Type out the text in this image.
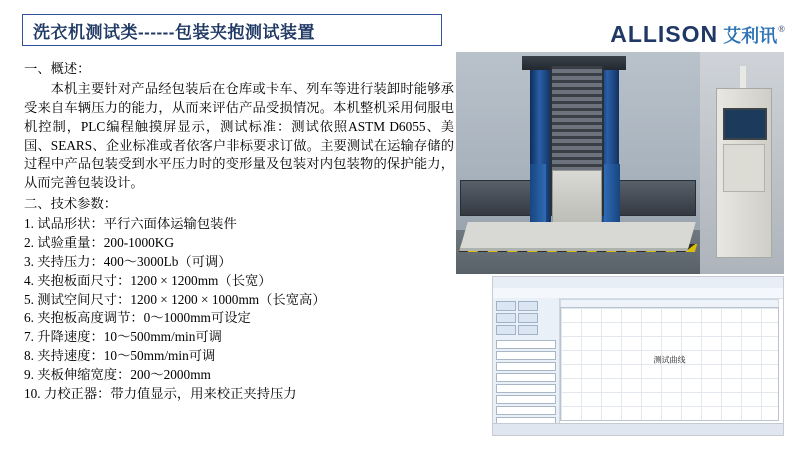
洗衣机测试类------包装夹抱测试装置	ALLISON 艾利讯 ®

一、概述：

本机主要针对产品经包装后在仓库或卡车、列车等进行装卸时能够承受来自车辆压力的能力，从而来评估产品受损情况。本机整机采用伺服电机控制，PLC编程触摸屏显示，测试标准：测试依照ASTM D6055、美国、SEARS、企业标准或者依客户非标要求订做。主要测试在运输存储的过程中产品包装受到水平压力时的变形量及包装对内包装物的保护能力，从而完善包装设计。

二、技术参数：

1. 试品形状：平行六面体运输包装件
2. 试验重量：200-1000KG
3. 夹持压力：400～3000Lb（可调）
4. 夹抱板面尺寸：1200 × 1200mm（长宽）
5. 测试空间尺寸：1200 × 1200 × 1000mm（长宽高）
6. 夹抱板高度调节：0～1000mm可设定
7. 升降速度：10～500mm/min可调
8. 夹持速度：10～50mm/min可调
9. 夹板伸缩宽度：200～2000mm
10. 力校正器：带力值显示，用来校正夹持压力
测试曲线
